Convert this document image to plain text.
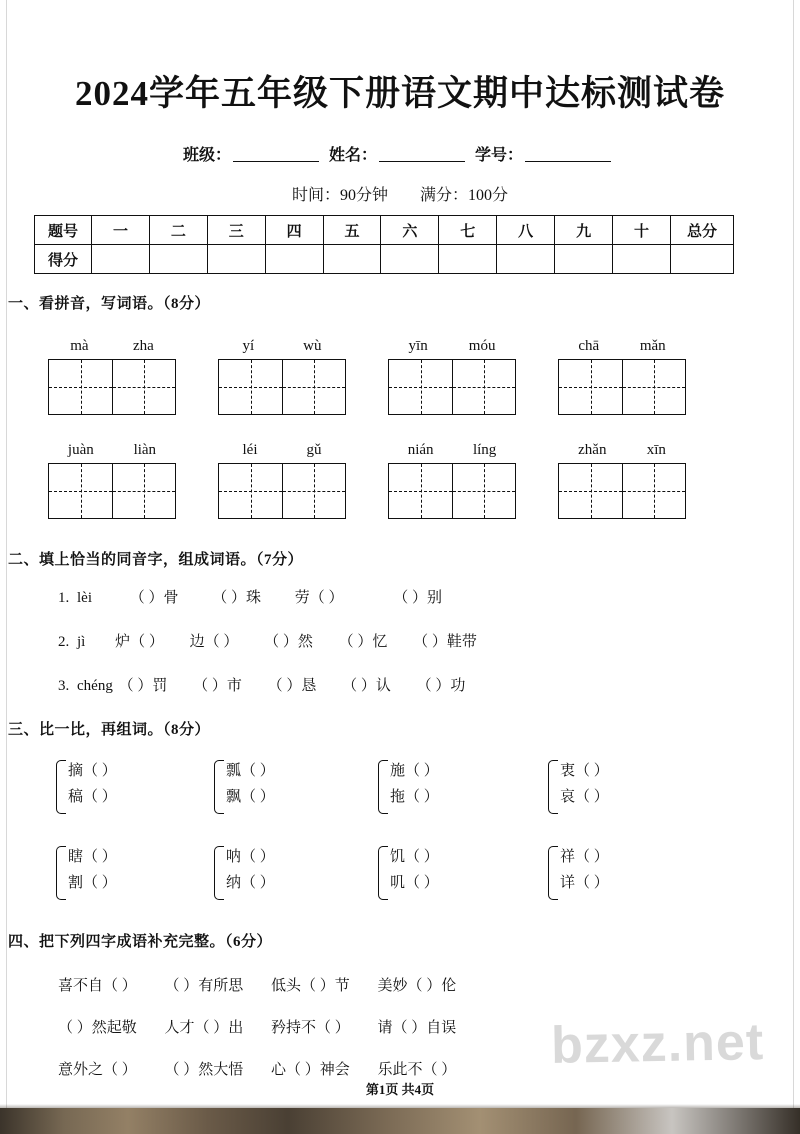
2024学年五年级下册语文期中达标测试卷
班级：	姓名：	学号：
时间：90分钟 满分：100分
题号	一	二	三	四	五	六	七	八	九	十	总分
得分											
一、看拼音，写词语。（8分）
mà	zha	yí	wù	yīn	móu	chā	mǎn
juàn	liàn	léi	gǔ	nián	líng	zhǎn	xīn
二、填上恰当的同音字，组成词语。（7分）
1. lèi	（ ）骨 （ ）珠 劳（ ）	（ ）别
2. jì 炉（ ） 边（ ） （ ）然 （ ）忆 （ ）鞋带
3. chéng （ ）罚 （ ）市 （ ）恳 （ ）认 （ ）功
三、比一比，再组词。（8分）
摘（ ）
稿（ ）
瓢（ ）
飘（ ）
施（ ）
拖（ ）
衷（ ）
哀（ ）
瞎（ ）
割（ ）
呐（ ）
纳（ ）
饥（ ）
叽（ ）
祥（ ）
详（ ）
四、把下列四字成语补充完整。（6分）
喜不自（ ） （ ）有所思 低头（ ）节 美妙（ ）伦
（ ）然起敬 人才（ ）出 矜持不（ ） 请（ ）自误
意外之（ ） （ ）然大悟 心（ ）神会 乐此不（ ） bzxz.net
第1页 共4页
